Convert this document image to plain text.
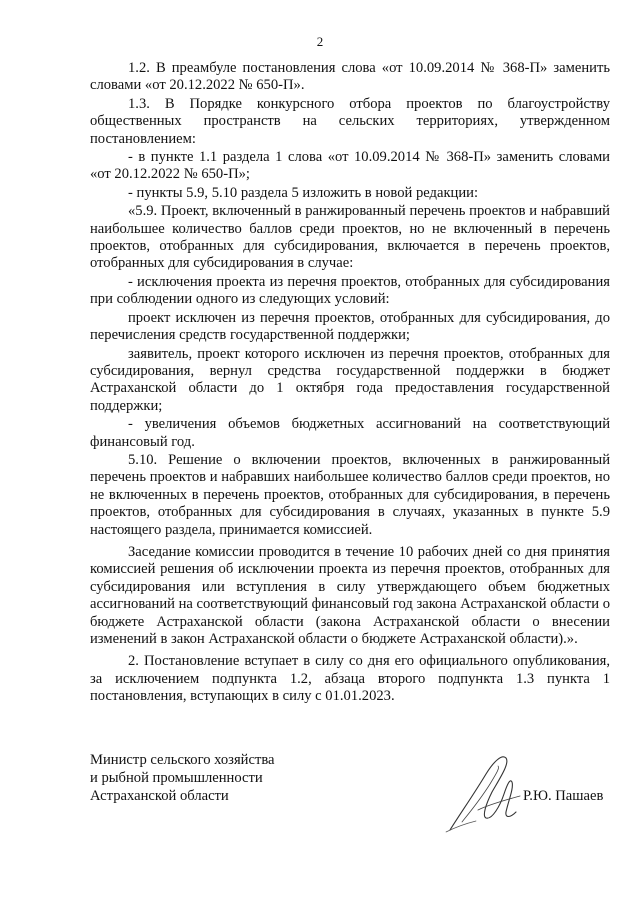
2

1.2. В преамбуле постановления слова «от 10.09.2014 № 368-П» заменить словами «от 20.12.2022 № 650-П».

1.3. В Порядке конкурсного отбора проектов по благоустройству общественных пространств на сельских территориях, утвержденном постановлением:

- в пункте 1.1 раздела 1 слова «от 10.09.2014 № 368-П» заменить словами «от 20.12.2022 № 650-П»;

- пункты 5.9, 5.10 раздела 5 изложить в новой редакции:

«5.9. Проект, включенный в ранжированный перечень проектов и набравший наибольшее количество баллов среди проектов, но не включенный в перечень проектов, отобранных для субсидирования, включается в перечень проектов, отобранных для субсидирования в случае:

- исключения проекта из перечня проектов, отобранных для субсидирования при соблюдении одного из следующих условий:

проект исключен из перечня проектов, отобранных для субсидирования, до перечисления средств государственной поддержки;

заявитель, проект которого исключен из перечня проектов, отобранных для субсидирования, вернул средства государственной поддержки в бюджет Астраханской области до 1 октября года предоставления государственной поддержки;

- увеличения объемов бюджетных ассигнований на соответствующий финансовый год.

5.10. Решение о включении проектов, включенных в ранжированный перечень проектов и набравших наибольшее количество баллов среди проектов, но не включенных в перечень проектов, отобранных для субсидирования, в перечень проектов, отобранных для субсидирования в случаях, указанных в пункте 5.9 настоящего раздела, принимается комиссией.

Заседание комиссии проводится в течение 10 рабочих дней со дня принятия комиссией решения об исключении проекта из перечня проектов, отобранных для субсидирования или вступления в силу утверждающего объем бюджетных ассигнований на соответствующий финансовый год закона Астраханской области о бюджете Астраханской области (закона Астраханской области о внесении изменений в закон Астраханской области о бюджете Астраханской области).».

2. Постановление вступает в силу со дня его официального опубликования, за исключением подпункта 1.2, абзаца второго подпункта 1.3 пункта 1 постановления, вступающих в силу с 01.01.2023.

Министр сельского хозяйства
и рыбной промышленности
Астраханской области	Р.Ю. Пашаев
